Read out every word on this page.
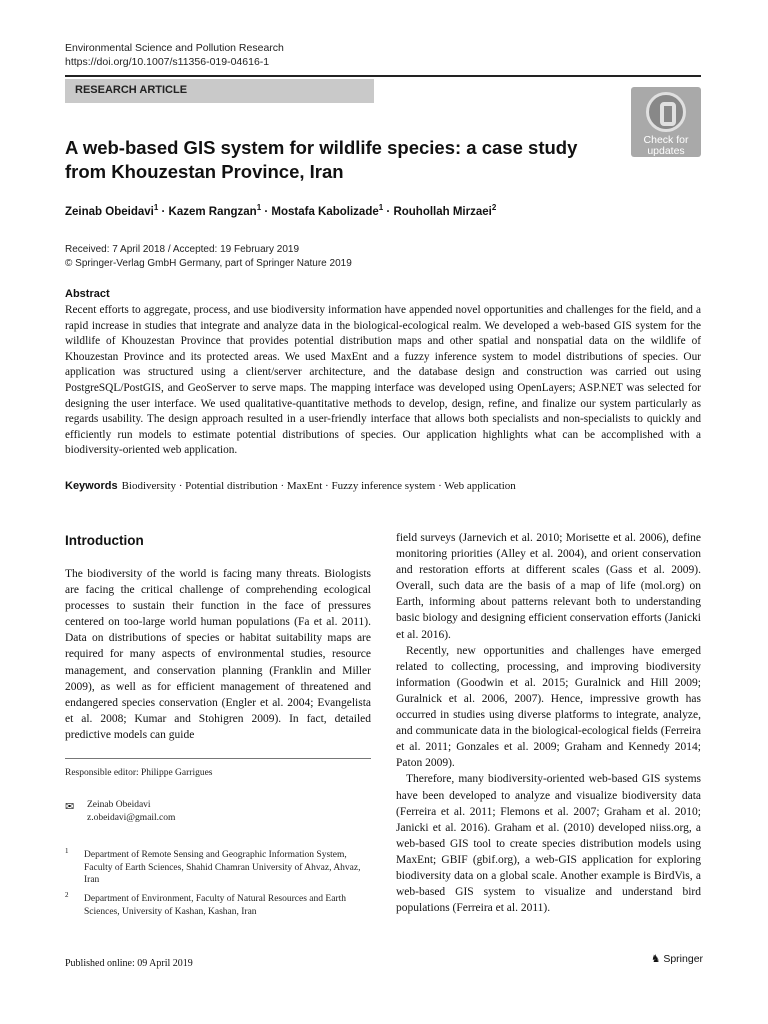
Environmental Science and Pollution Research
https://doi.org/10.1007/s11356-019-04616-1
RESEARCH ARTICLE
Check for
updates
A web-based GIS system for wildlife species: a case study
from Khouzestan Province, Iran
Zeinab Obeidavi$^1$ · Kazem Rangzan$^1$ · Mostafa Kabolizade$^1$ · Rouhollah Mirzaei$^2$
Received: 7 April 2018 / Accepted: 19 February 2019
© Springer-Verlag GmbH Germany, part of Springer Nature 2019
Abstract
Recent efforts to aggregate, process, and use biodiversity information have appended novel opportunities and challenges for the field, and a rapid increase in studies that integrate and analyze data in the biological-ecological realm. We developed a web-based GIS system for the wildlife of Khouzestan Province that provides potential distribution maps and other spatial and nonspatial data on the wildlife of Khouzestan Province and its protected areas. We used MaxEnt and a fuzzy inference system to model distributions of species. Our application was structured using a client/server architecture, and the database design and construction was carried out using PostgreSQL/PostGIS, and GeoServer to serve maps. The mapping interface was developed using OpenLayers; ASP.NET was selected for designing the user interface. We used qualitative-quantitative methods to develop, design, refine, and finalize our system particularly as regards usability. The design approach resulted in a user-friendly interface that allows both specialists and non-specialists to quickly and efficiently run models to estimate potential distributions of species. Our application highlights what can be accomplished with a biodiversity-oriented web application.
Keywords Biodiversity · Potential distribution · MaxEnt · Fuzzy inference system · Web application
Introduction
The biodiversity of the world is facing many threats. Biologists are facing the critical challenge of comprehending ecological processes to sustain their function in the face of pressures centered on too-large world human populations (Fa et al. 2011). Data on distributions of species or habitat suitability maps are required for many aspects of environmental studies, resource management, and conservation planning (Franklin and Miller 2009), as well as for efficient management of threatened and endangered species conservation (Engler et al. 2004; Evangelista et al. 2008; Kumar and Stohigren 2009). In fact, detailed predictive models can guide

field surveys (Jarnevich et al. 2010; Morisette et al. 2006), define monitoring priorities (Alley et al. 2004), and orient conservation and restoration efforts at different scales (Gass et al. 2009). Overall, such data are the basis of a map of life (mol.org) on Earth, informing about patterns relevant both to understanding basic biology and designing efficient conservation efforts (Janicki et al. 2016).

Recently, new opportunities and challenges have emerged related to collecting, processing, and improving biodiversity information (Goodwin et al. 2015; Guralnick and Hill 2009; Guralnick et al. 2006, 2007). Hence, impressive growth has occurred in studies using diverse platforms to integrate, analyze, and communicate data in the biological-ecological fields (Ferreira et al. 2011; Gonzales et al. 2009; Graham and Kennedy 2014; Paton 2009).

Therefore, many biodiversity-oriented web-based GIS systems have been developed to analyze and visualize biodiversity data (Ferreira et al. 2011; Flemons et al. 2007; Graham et al. 2010; Janicki et al. 2016). Graham et al. (2010) developed niiss.org, a web-based GIS tool to create species distribution models using MaxEnt; GBIF (gbif.org), a web-GIS application for exploring biodiversity data on a global scale. Another example is BirdVis, a web-based GIS system to visualize and understand bird populations (Ferreira et al. 2011).

Responsible editor: Philippe Garrigues
✉ Zeinab Obeidavi
z.obeidavi@gmail.com
1 Department of Remote Sensing and Geographic Information System, Faculty of Earth Sciences, Shahid Chamran University of Ahvaz, Ahvaz, Iran
2 Department of Environment, Faculty of Natural Resources and Earth Sciences, University of Kashan, Kashan, Iran
Published online: 09 April 2019	♞ Springer
